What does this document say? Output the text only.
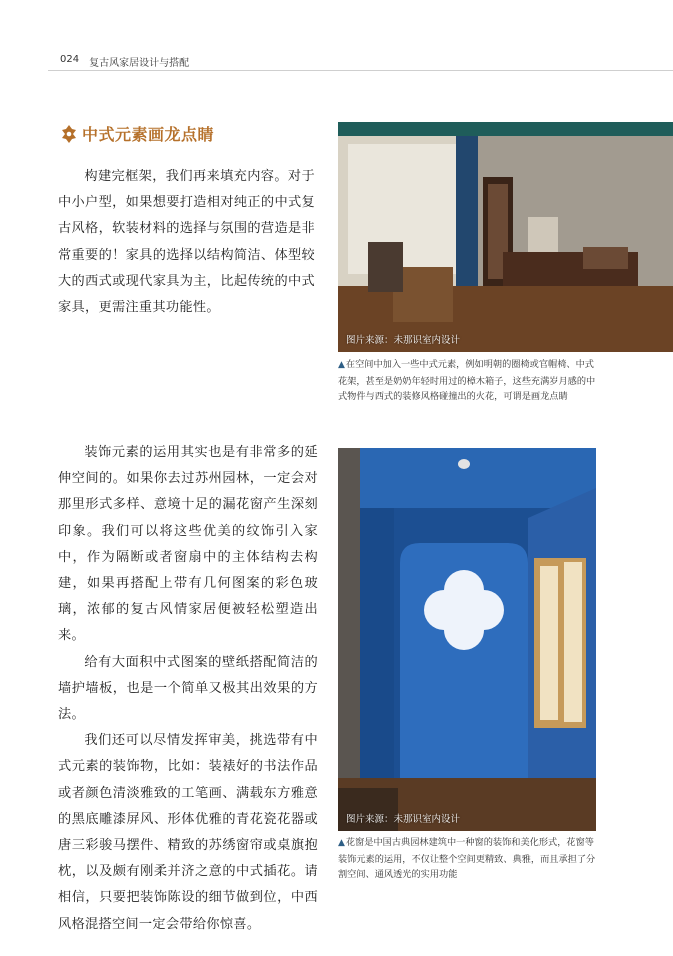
024 复古风家居设计与搭配
中式元素画龙点睛

构建完框架，我们再来填充内容。对于中小户型，如果想要打造相对纯正的中式复古风格，软装材料的选择与氛围的营造是非常重要的！家具的选择以结构简洁、体型较大的西式或现代家具为主，比起传统的中式家具，更需注重其功能性。

装饰元素的运用其实也是有非常多的延伸空间的。如果你去过苏州园林，一定会对那里形式多样、意境十足的漏花窗产生深刻印象。我们可以将这些优美的纹饰引入家中，作为隔断或者窗扇中的主体结构去构建，如果再搭配上带有几何图案的彩色玻璃，浓郁的复古风情家居便被轻松塑造出来。

给有大面积中式图案的壁纸搭配简洁的墙护墙板，也是一个简单又极其出效果的方法。

我们还可以尽情发挥审美，挑选带有中式元素的装饰物，比如：装裱好的书法作品或者颜色清淡雅致的工笔画、满载东方雅意的黑底雕漆屏风、形体优雅的青花瓷花器或唐三彩骏马摆件、精致的苏绣窗帘或桌旗抱枕，以及颇有刚柔并济之意的中式插花。请相信，只要把装饰陈设的细节做到位，中西风格混搭空间一定会带给你惊喜。

图片来源：未那识室内设计
▲在空间中加入一些中式元素，例如明朝的圈椅或官帽椅、中式花架，甚至是奶奶年轻时用过的樟木箱子，这些充满岁月感的中式物件与西式的装修风格碰撞出的火花，可谓是画龙点睛
图片来源：未那识室内设计
▲花窗是中国古典园林建筑中一种窗的装饰和美化形式，花窗等装饰元素的运用，不仅让整个空间更精致、典雅，而且承担了分割空间、通风透光的实用功能
